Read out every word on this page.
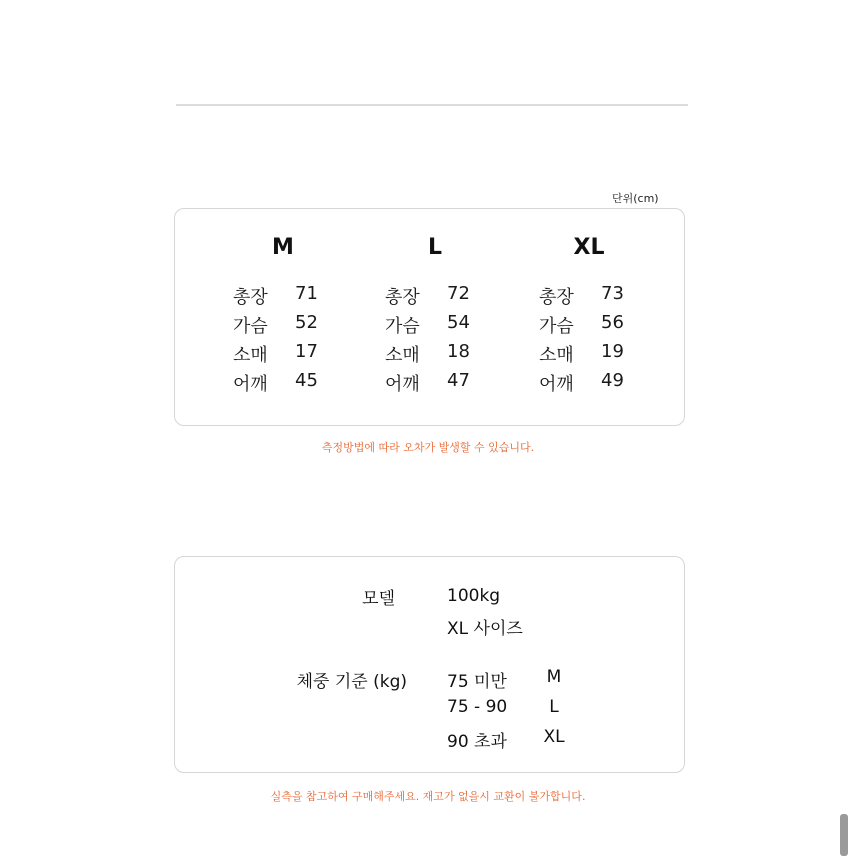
단위(cm)
M
총장	71
가슴	52
소매	17
어깨	45
L
총장	72
가슴	54
소매	18
어깨	47
XL
총장	73
가슴	56
소매	19
어깨	49
측정방법에 따라 오차가 발생할 수 있습니다.
모델	100kg
XL 사이즈
체중 기준 (kg) 75 미만	M
75 - 90	L
90 초과	XL
실측을 참고하여 구매해주세요. 재고가 없을시 교환이 불가합니다.
